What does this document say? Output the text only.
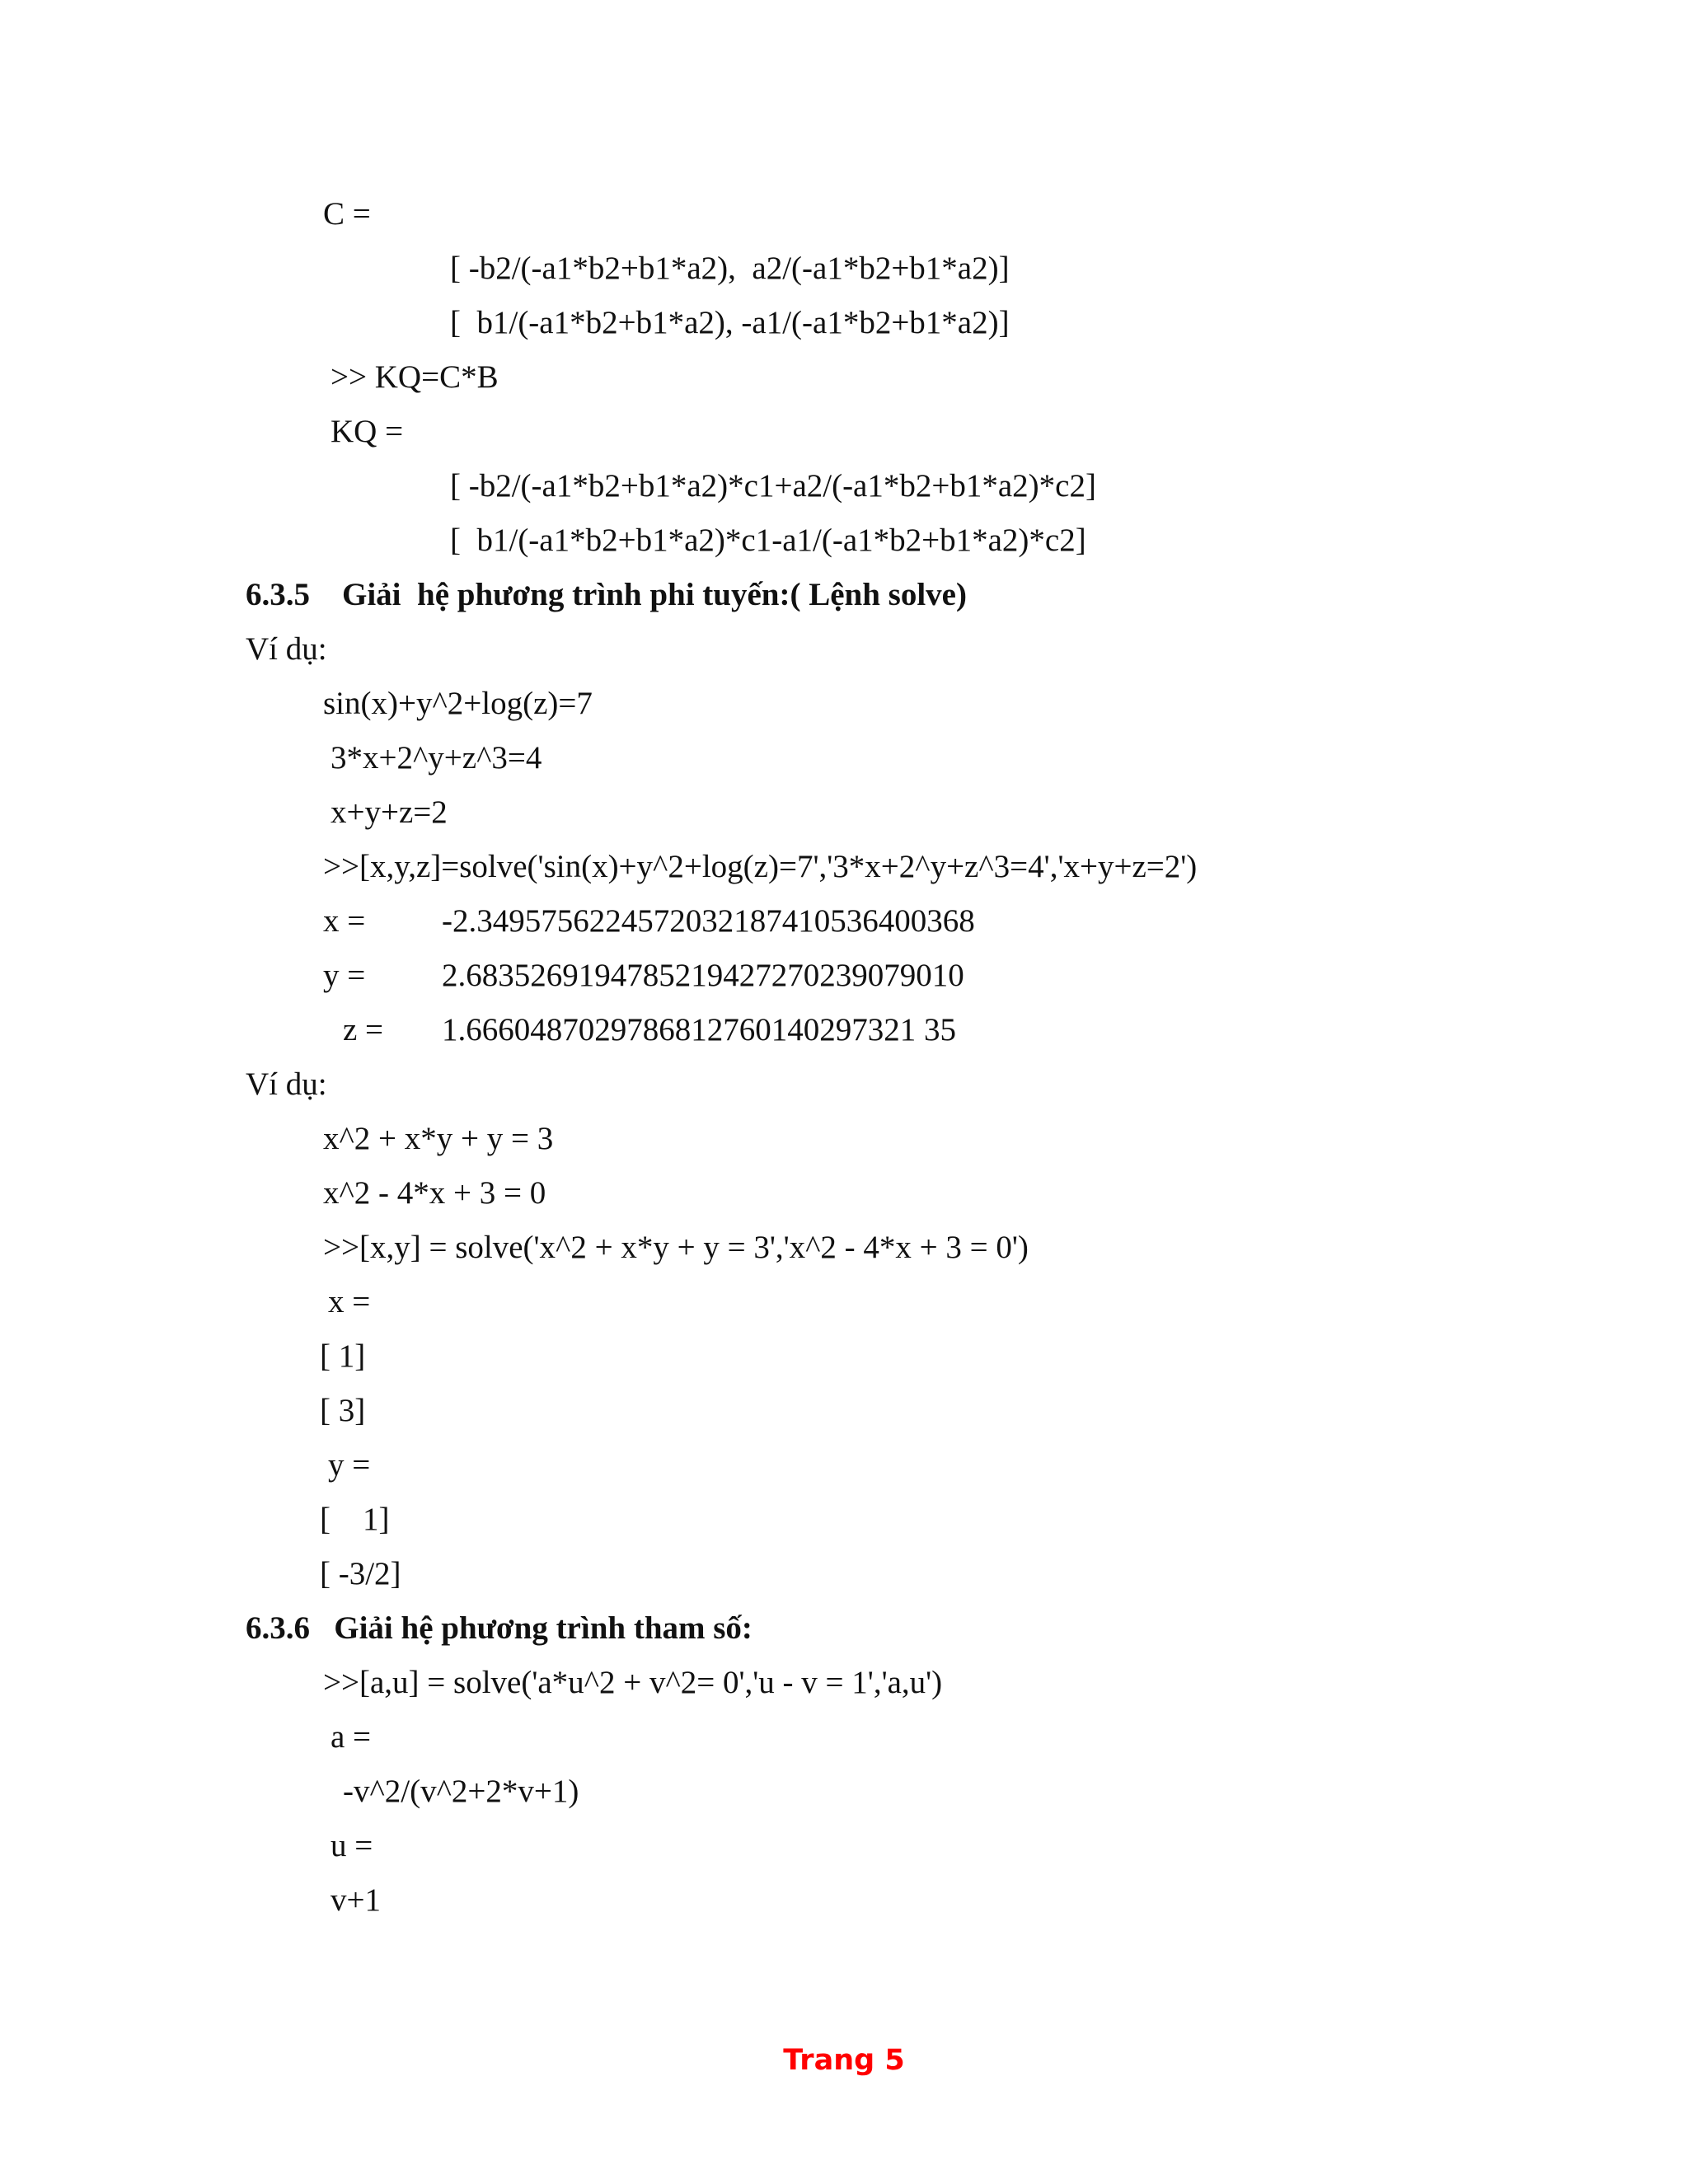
C =
[ -b2/(-a1*b2+b1*a2),  a2/(-a1*b2+b1*a2)]
[  b1/(-a1*b2+b1*a2), -a1/(-a1*b2+b1*a2)]
>> KQ=C*B
KQ =
[ -b2/(-a1*b2+b1*a2)*c1+a2/(-a1*b2+b1*a2)*c2]
[  b1/(-a1*b2+b1*a2)*c1-a1/(-a1*b2+b1*a2)*c2]
6.3.5    Giải  hệ phương trình phi tuyến:( Lệnh solve)
Ví dụ:
sin(x)+y^2+log(z)=7
3*x+2^y+z^3=4
x+y+z=2
>>[x,y,z]=solve('sin(x)+y^2+log(z)=7','3*x+2^y+z^3=4','x+y+z=2')
x = -2.3495756224572032187410536400368
y = 2.6835269194785219427270239079010
z = 1.6660487029786812760140297321 35
Ví dụ:
x^2 + x*y + y = 3
x^2 - 4*x + 3 = 0
>>[x,y] = solve('x^2 + x*y + y = 3','x^2 - 4*x + 3 = 0')
x =
[ 1]
[ 3]
y =
[    1]
[ -3/2]
6.3.6   Giải hệ phương trình tham số:
>>[a,u] = solve('a*u^2 + v^2= 0','u - v = 1','a,u')
a =
-v^2/(v^2+2*v+1)
u =
v+1
Trang 5
